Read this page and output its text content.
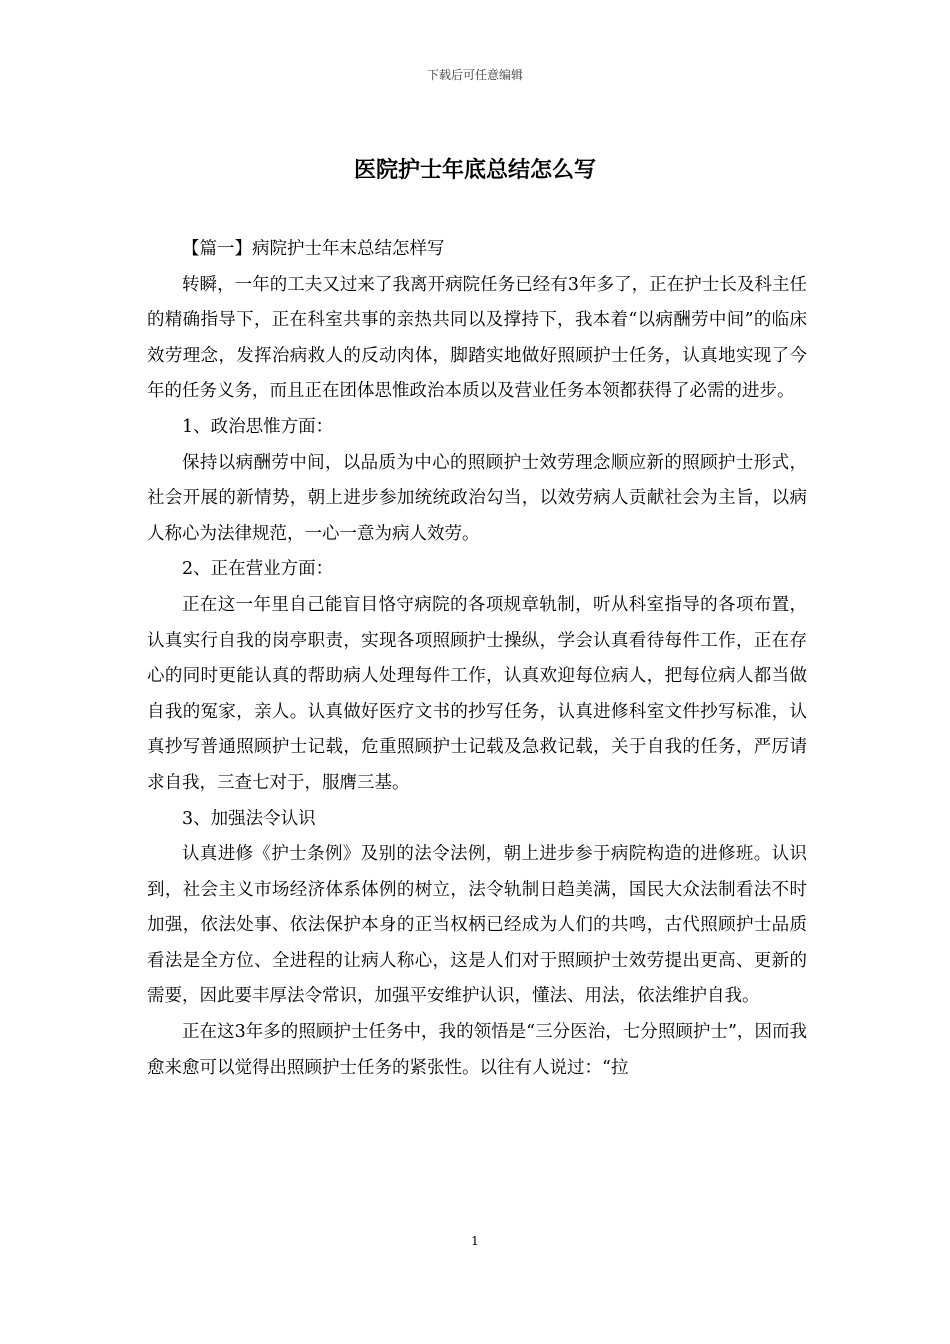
下载后可任意编辑
医院护士年底总结怎么写

【篇一】病院护士年末总结怎样写

转瞬，一年的工夫又过来了我离开病院任务已经有3年多了，正在护士长及科主任的精确指导下，正在科室共事的亲热共同以及撑持下，我本着“以病酬劳中间”的临床效劳理念，发挥治病救人的反动肉体，脚踏实地做好照顾护士任务，认真地实现了今年的任务义务，而且正在团体思惟政治本质以及营业任务本领都获得了必需的进步。

1、政治思惟方面：

保持以病酬劳中间，以品质为中心的照顾护士效劳理念顺应新的照顾护士形式，社会开展的新情势，朝上进步参加统统政治勾当，以效劳病人贡献社会为主旨，以病人称心为法律规范，一心一意为病人效劳。

2、正在营业方面：

正在这一年里自己能盲目恪守病院的各项规章轨制，听从科室指导的各项布置，认真实行自我的岗亭职责，实现各项照顾护士操纵，学会认真看待每件工作，正在存心的同时更能认真的帮助病人处理每件工作，认真欢迎每位病人，把每位病人都当做自我的冤家，亲人。认真做好医疗文书的抄写任务，认真进修科室文件抄写标准，认真抄写普通照顾护士记载，危重照顾护士记载及急救记载，关于自我的任务，严厉请求自我，三查七对于，服膺三基。

3、加强法令认识

认真进修《护士条例》及别的法令法例，朝上进步参于病院构造的进修班。认识到，社会主义市场经济体系体例的树立，法令轨制日趋美满，国民大众法制看法不时加强，依法处事、依法保护本身的正当权柄已经成为人们的共鸣，古代照顾护士品质看法是全方位、全进程的让病人称心，这是人们对于照顾护士效劳提出更高、更新的需要，因此要丰厚法令常识，加强平安维护认识，懂法、用法，依法维护自我。

正在这3年多的照顾护士任务中，我的领悟是“三分医治，七分照顾护士”，因而我愈来愈可以觉得出照顾护士任务的紧张性。以往有人说过：“拉

1
